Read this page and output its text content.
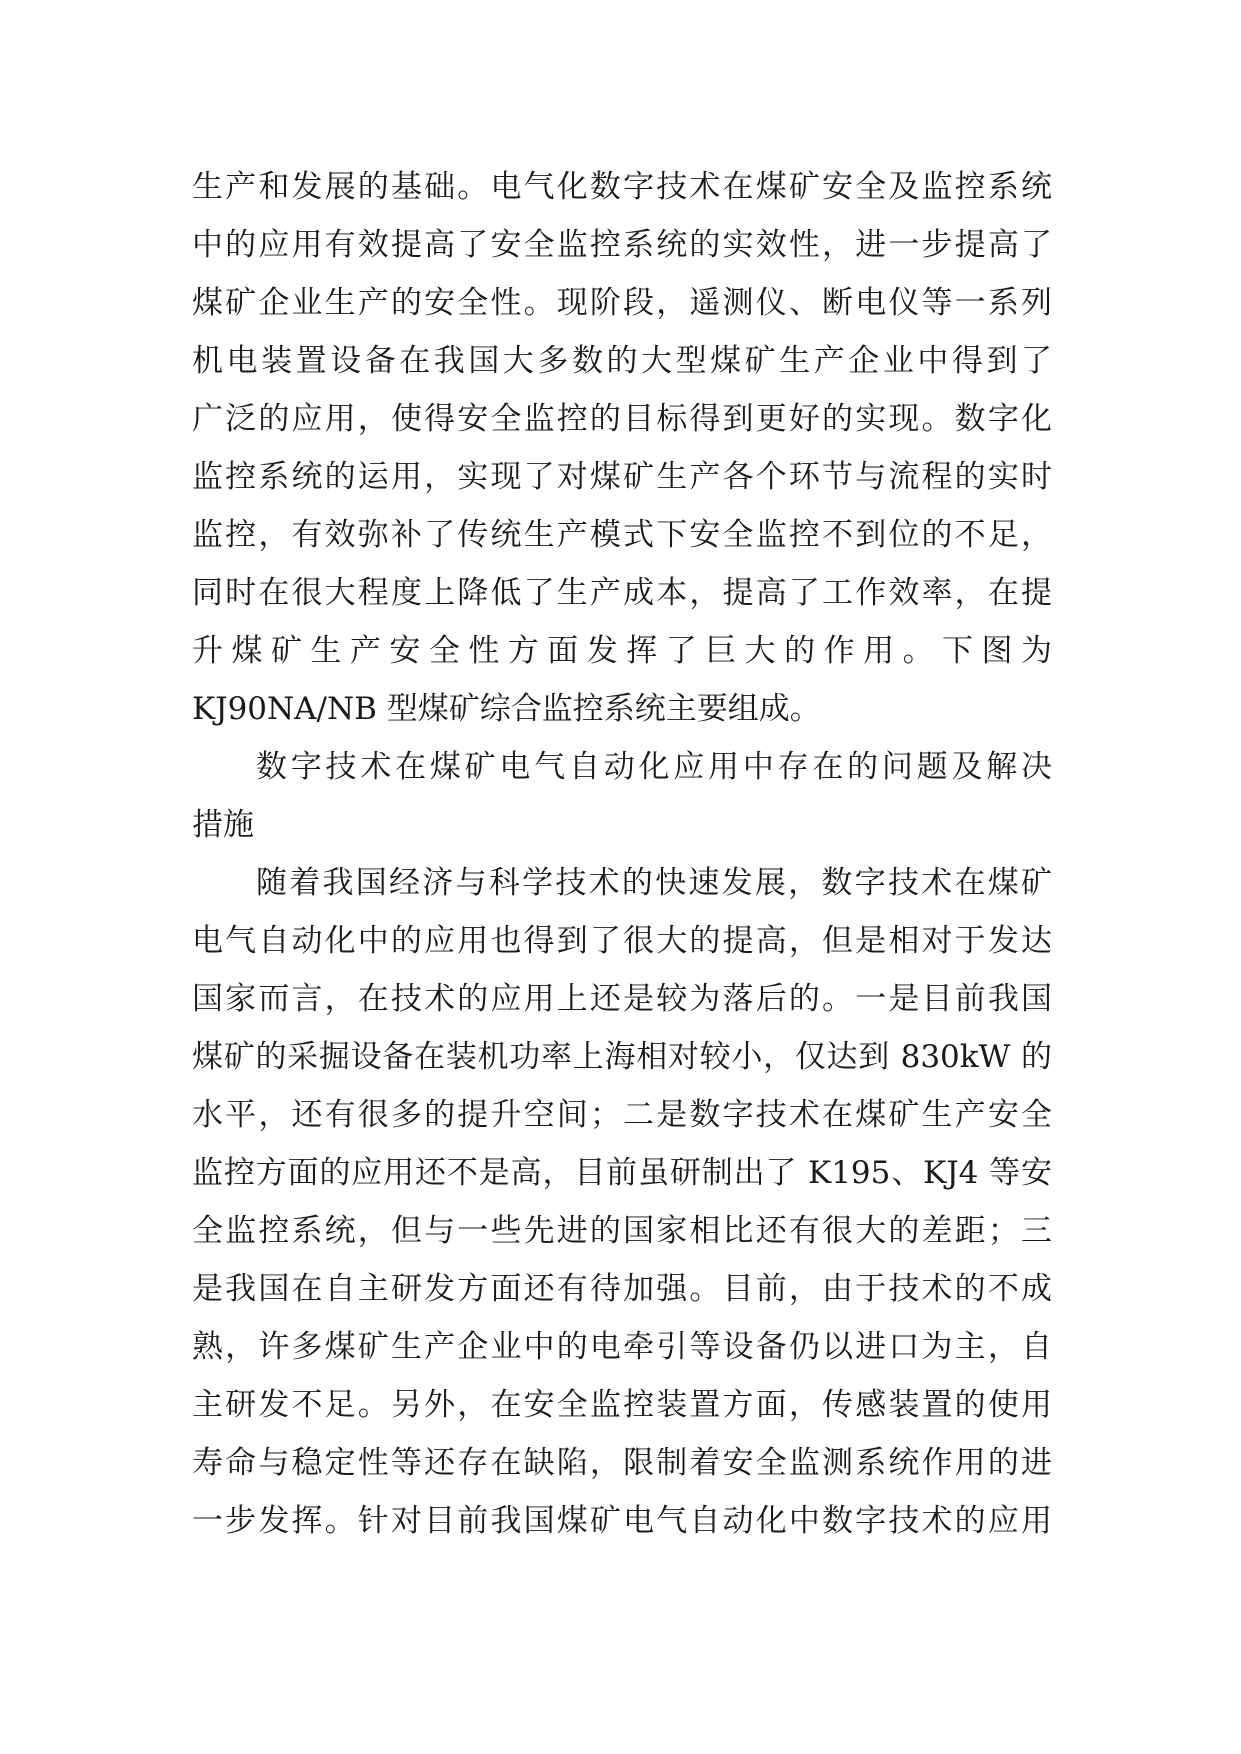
生产和发展的基础。电气化数字技术在煤矿安全及监控系统
中的应用有效提高了安全监控系统的实效性，进一步提高了
煤矿企业生产的安全性。现阶段，遥测仪、断电仪等一系列
机电装置设备在我国大多数的大型煤矿生产企业中得到了
广泛的应用，使得安全监控的目标得到更好的实现。数字化
监控系统的运用，实现了对煤矿生产各个环节与流程的实时
监控，有效弥补了传统生产模式下安全监控不到位的不足，
同时在很大程度上降低了生产成本，提高了工作效率，在提
升煤矿生产安全性方面发挥了巨大的作用。下图为
KJ90NA/NB 型煤矿综合监控系统主要组成。
数字技术在煤矿电气自动化应用中存在的问题及解决
措施
随着我国经济与科学技术的快速发展，数字技术在煤矿
电气自动化中的应用也得到了很大的提高，但是相对于发达
国家而言，在技术的应用上还是较为落后的。一是目前我国
煤矿的采掘设备在装机功率上海相对较小，仅达到 830kW 的
水平，还有很多的提升空间；二是数字技术在煤矿生产安全
监控方面的应用还不是高，目前虽研制出了 K195、KJ4 等安
全监控系统，但与一些先进的国家相比还有很大的差距；三
是我国在自主研发方面还有待加强。目前，由于技术的不成
熟，许多煤矿生产企业中的电牵引等设备仍以进口为主，自
主研发不足。另外，在安全监控装置方面，传感装置的使用
寿命与稳定性等还存在缺陷，限制着安全监测系统作用的进
一步发挥。针对目前我国煤矿电气自动化中数字技术的应用
